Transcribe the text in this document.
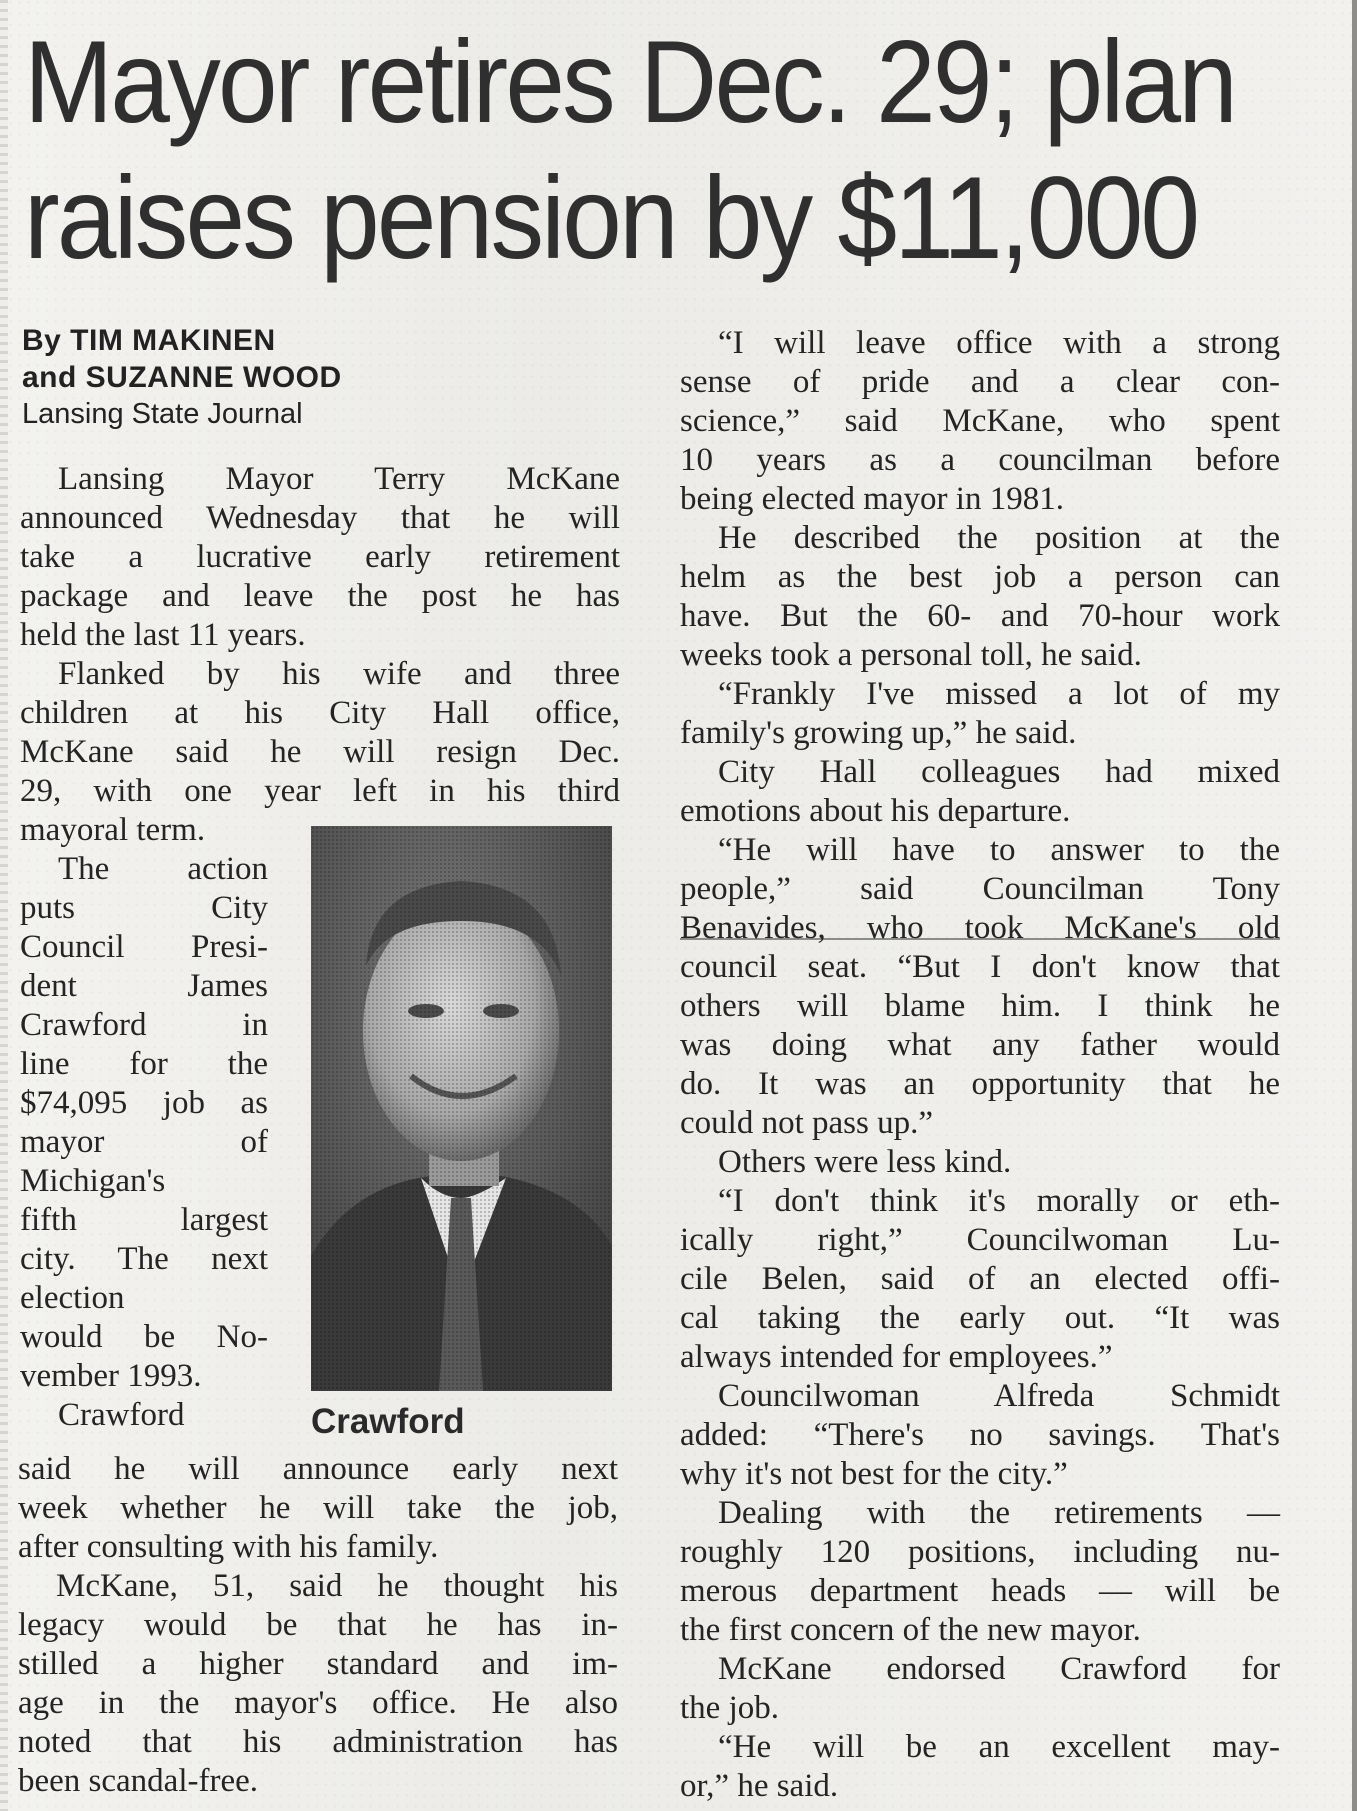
Mayor retires Dec. 29; plan
raises pension by $11,000
By TIM MAKINEN
and SUZANNE WOOD
Lansing State Journal
Lansing Mayor Terry McKane
announced Wednesday that he will
take a lucrative early retirement
package and leave the post he has
held the last 11 years.
Flanked by his wife and three
children at his City Hall office,
McKane said he will resign Dec.
29, with one year left in his third
mayoral term.
The action
puts City
Council Presi-
dent James
Crawford in
line for the
$74,095 job as
mayor of
Michigan's
fifth largest
city. The next
election
would be No-
vember 1993.
Crawford	Crawford
said he will announce early next
week whether he will take the job,
after consulting with his family.
McKane, 51, said he thought his
legacy would be that he has in-
stilled a higher standard and im-
age in the mayor's office. He also
noted that his administration has
been scandal-free.
“I will leave office with a strong
sense of pride and a clear con-
science,” said McKane, who spent
10 years as a councilman before
being elected mayor in 1981.
He described the position at the
helm as the best job a person can
have. But the 60- and 70-hour work
weeks took a personal toll, he said.
“Frankly I've missed a lot of my
family's growing up,” he said.
City Hall colleagues had mixed
emotions about his departure.
“He will have to answer to the
people,” said Councilman Tony
Benavides, who took McKane's old
council seat. “But I don't know that
others will blame him. I think he
was doing what any father would
do. It was an opportunity that he
could not pass up.”
Others were less kind.
“I don't think it's morally or eth-
ically right,” Councilwoman Lu-
cile Belen, said of an elected offi-
cal taking the early out. “It was
always intended for employees.”
Councilwoman Alfreda Schmidt
added: “There's no savings. That's
why it's not best for the city.”
Dealing with the retirements —
roughly 120 positions, including nu-
merous department heads — will be
the first concern of the new mayor.
McKane endorsed Crawford for
the job.
“He will be an excellent may-
or,” he said.
